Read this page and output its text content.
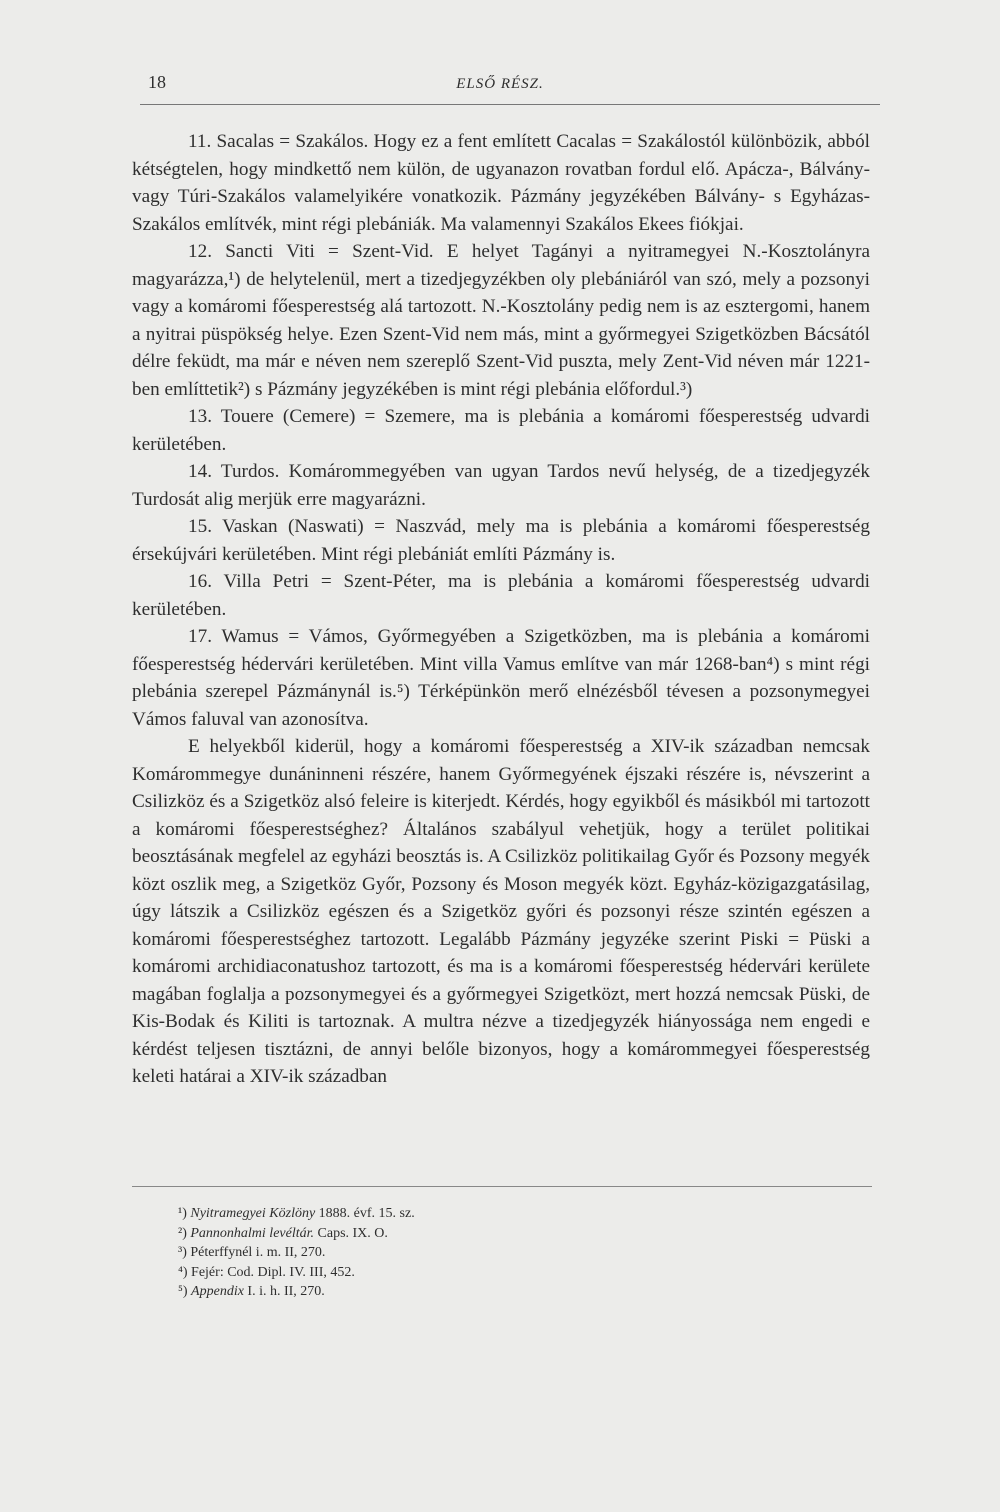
18	ELSŐ RÉSZ.

11. Sacalas = Szakálos. Hogy ez a fent említett Cacalas = Szakálostól különbözik, abból kétségtelen, hogy mindkettő nem külön, de ugyanazon rovatban fordul elő. Apácza-, Bálvány- vagy Túri-Szakálos valamelyikére vonatkozik. Pázmány jegyzékében Bálvány- s Egyházas-Szakálos említvék, mint régi plebániák. Ma valamennyi Szakálos Ekees fiókjai.

12. Sancti Viti = Szent-Vid. E helyet Tagányi a nyitramegyei N.-Kosztolányra magyarázza,¹) de helytelenül, mert a tizedjegyzékben oly plebániáról van szó, mely a pozsonyi vagy a komáromi főesperestség alá tartozott. N.-Kosztolány pedig nem is az esztergomi, hanem a nyitrai püspökség helye. Ezen Szent-Vid nem más, mint a győrmegyei Szigetközben Bácsától délre feküdt, ma már e néven nem szereplő Szent-Vid puszta, mely Zent-Vid néven már 1221-ben említtetik²) s Pázmány jegyzékében is mint régi plebánia előfordul.³)

13. Touere (Cemere) = Szemere, ma is plebánia a komáromi főesperestség udvardi kerületében.

14. Turdos. Komárommegyében van ugyan Tardos nevű helység, de a tizedjegyzék Turdosát alig merjük erre magyarázni.

15. Vaskan (Naswati) = Naszvád, mely ma is plebánia a komáromi főesperestség érsekújvári kerületében. Mint régi plebániát említi Pázmány is.

16. Villa Petri = Szent-Péter, ma is plebánia a komáromi főesperestség udvardi kerületében.

17. Wamus = Vámos, Győrmegyében a Szigetközben, ma is plebánia a komáromi főesperestség hédervári kerületében. Mint villa Vamus említve van már 1268-ban⁴) s mint régi plebánia szerepel Pázmánynál is.⁵) Térképünkön merő elnézésből tévesen a pozsonymegyei Vámos faluval van azonosítva.

E helyekből kiderül, hogy a komáromi főesperestség a XIV-ik században nemcsak Komárommegye dunáninneni részére, hanem Győrmegyének éjszaki részére is, névszerint a Csilizköz és a Szigetköz alsó feleire is kiterjedt. Kérdés, hogy egyikből és másikból mi tartozott a komáromi főesperestséghez? Általános szabályul vehetjük, hogy a terület politikai beosztásának megfelel az egyházi beosztás is. A Csilizköz politikailag Győr és Pozsony megyék közt oszlik meg, a Szigetköz Győr, Pozsony és Moson megyék közt. Egyház-közigazgatásilag, úgy látszik a Csilizköz egészen és a Szigetköz győri és pozsonyi része szintén egészen a komáromi főesperestséghez tartozott. Legalább Pázmány jegyzéke szerint Piski = Püski a komáromi archidiaconatushoz tartozott, és ma is a komáromi főesperestség hédervári kerülete magában foglalja a pozsonymegyei és a győrmegyei Szigetközt, mert hozzá nemcsak Püski, de Kis-Bodak és Kiliti is tartoznak. A multra nézve a tizedjegyzék hiányossága nem engedi e kérdést teljesen tisztázni, de annyi belőle bizonyos, hogy a komárommegyei főesperestség keleti határai a XIV-ik században

¹) Nyitramegyei Közlöny 1888. évf. 15. sz.
²) Pannonhalmi levéltár. Caps. IX. O.
³) Péterffynél i. m. II, 270.
⁴) Fejér: Cod. Dipl. IV. III, 452.
⁵) Appendix I. i. h. II, 270.
